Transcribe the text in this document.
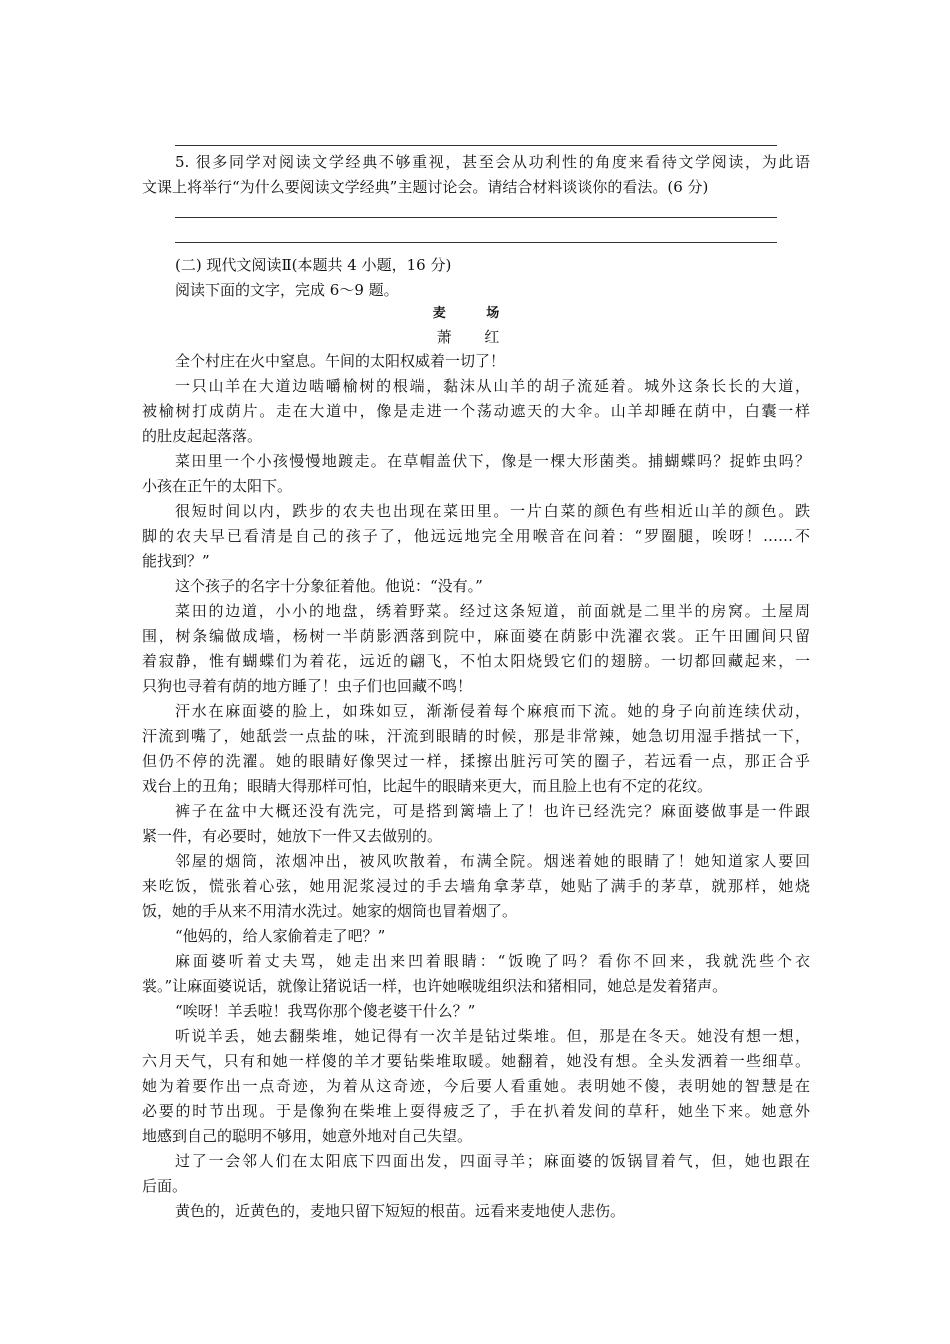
5. 很多同学对阅读文学经典不够重视，甚至会从功利性的角度来看待文学阅读，为此语
文课上将举行“为什么要阅读文学经典”主题讨论会。请结合材料谈谈你的看法。(6 分)
(二) 现代文阅读Ⅱ(本题共 4 小题，16 分)
阅读下面的文字，完成 6～9 题。
麦 场
萧 红
全个村庄在火中窒息。午间的太阳权威着一切了！
一只山羊在大道边啮嚼榆树的根端，黏沫从山羊的胡子流延着。城外这条长长的大道，
被榆树打成荫片。走在大道中，像是走进一个荡动遮天的大伞。山羊却睡在荫中，白囊一样
的肚皮起起落落。
菜田里一个小孩慢慢地踱走。在草帽盖伏下，像是一棵大形菌类。捕蝴蝶吗？捉蚱虫吗？
小孩在正午的太阳下。
很短时间以内，跌步的农夫也出现在菜田里。一片白菜的颜色有些相近山羊的颜色。跌
脚的农夫早已看清是自己的孩子了，他远远地完全用喉音在问着：“罗圈腿，唉呀！……不
能找到？”
这个孩子的名字十分象征着他。他说：“没有。”
菜田的边道，小小的地盘，绣着野菜。经过这条短道，前面就是二里半的房窝。土屋周
围，树条编做成墙，杨树一半荫影洒落到院中，麻面婆在荫影中洗濯衣裳。正午田圃间只留
着寂静，惟有蝴蝶们为着花，远近的翩飞，不怕太阳烧毁它们的翅膀。一切都回藏起来，一
只狗也寻着有荫的地方睡了！虫子们也回藏不鸣！
汗水在麻面婆的脸上，如珠如豆，渐渐侵着每个麻痕而下流。她的身子向前连续伏动，
汗流到嘴了，她舐尝一点盐的味，汗流到眼睛的时候，那是非常辣，她急切用湿手揩拭一下，
但仍不停的洗濯。她的眼睛好像哭过一样，揉擦出脏污可笑的圈子，若远看一点，那正合乎
戏台上的丑角；眼睛大得那样可怕，比起牛的眼睛来更大，而且脸上也有不定的花纹。
裤子在盆中大概还没有洗完，可是搭到篱墙上了！也许已经洗完？麻面婆做事是一件跟
紧一件，有必要时，她放下一件又去做别的。
邻屋的烟筒，浓烟冲出，被风吹散着，布满全院。烟迷着她的眼睛了！她知道家人要回
来吃饭，慌张着心弦，她用泥浆浸过的手去墙角拿茅草，她贴了满手的茅草，就那样，她烧
饭，她的手从来不用清水洗过。她家的烟筒也冒着烟了。
“他妈的，给人家偷着走了吧？”
麻面婆听着丈夫骂，她走出来凹着眼睛：“饭晚了吗？看你不回来，我就洗些个衣
裳。”让麻面婆说话，就像让猪说话一样，也许她喉咙组织法和猪相同，她总是发着猪声。
“唉呀！羊丢啦！我骂你那个傻老婆干什么？”
听说羊丢，她去翻柴堆，她记得有一次羊是钻过柴堆。但，那是在冬天。她没有想一想，
六月天气，只有和她一样傻的羊才要钻柴堆取暖。她翻着，她没有想。全头发洒着一些细草。
她为着要作出一点奇迹，为着从这奇迹，今后要人看重她。表明她不傻，表明她的智慧是在
必要的时节出现。于是像狗在柴堆上耍得疲乏了，手在扒着发间的草秆，她坐下来。她意外
地感到自己的聪明不够用，她意外地对自己失望。
过了一会邻人们在太阳底下四面出发，四面寻羊；麻面婆的饭锅冒着气，但，她也跟在
后面。
黄色的，近黄色的，麦地只留下短短的根苗。远看来麦地使人悲伤。
